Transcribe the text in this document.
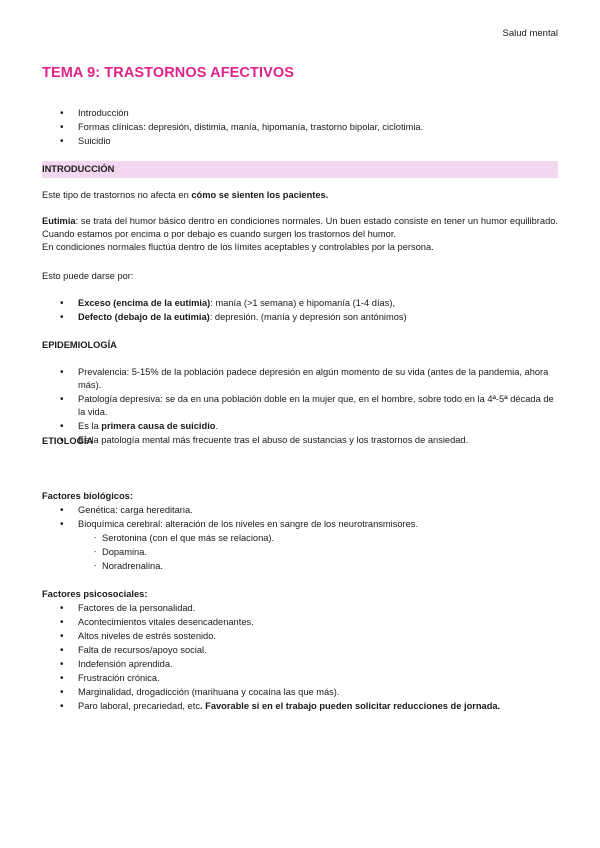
Salud mental
TEMA 9: TRASTORNOS AFECTIVOS
• Introducción
• Formas clínicas: depresión, distimia, manía, hipomanía, trastorno bipolar, ciclotimia.
• Suicidio
INTRODUCCIÓN

Este tipo de trastornos no afecta en cómo se sienten los pacientes.

Eutimia: se trata del humor básico dentro en condiciones normales. Un buen estado consiste en tener un humor equilibrado. Cuando estamos por encima o por debajo es cuando surgen los trastornos del humor.

En condiciones normales fluctúa dentro de los límites aceptables y controlables por la persona.

Esto puede darse por:
• Exceso (encima de la eutimia): manía (>1 semana) e hipomanía (1-4 días),
• Defecto (debajo de la eutimia): depresión. (manía y depresión son antónimos)
EPIDEMIOLOGÍA
• Prevalencia: 5-15% de la población padece depresión en algún momento de su vida (antes de la pandemia, ahora más).
• Patología depresiva: se da en una población doble en la mujer que, en el hombre, sobre todo en la 4ª-5ª década de la vida.
• Es la primera causa de suicidio.
• Es la patología mental más frecuente tras el abuso de sustancias y los trastornos de ansiedad.
ETIOLOGÍA
Factores biológicos:
• Genética: carga hereditaria.
• Bioquímica cerebral: alteración de los niveles en sangre de los neurotransmisores.
- Serotonina (con el que más se relaciona).
- Dopamina.
- Noradrenalina.
Factores psicosociales:
• Factores de la personalidad.
• Acontecimientos vitales desencadenantes.
• Altos niveles de estrés sostenido.
• Falta de recursos/apoyo social.
• Indefensión aprendida.
• Frustración crónica.
• Marginalidad, drogadicción (marihuana y cocaína las que más).
• Paro laboral, precariedad, etc. Favorable si en el trabajo pueden solicitar reducciones de jornada.
